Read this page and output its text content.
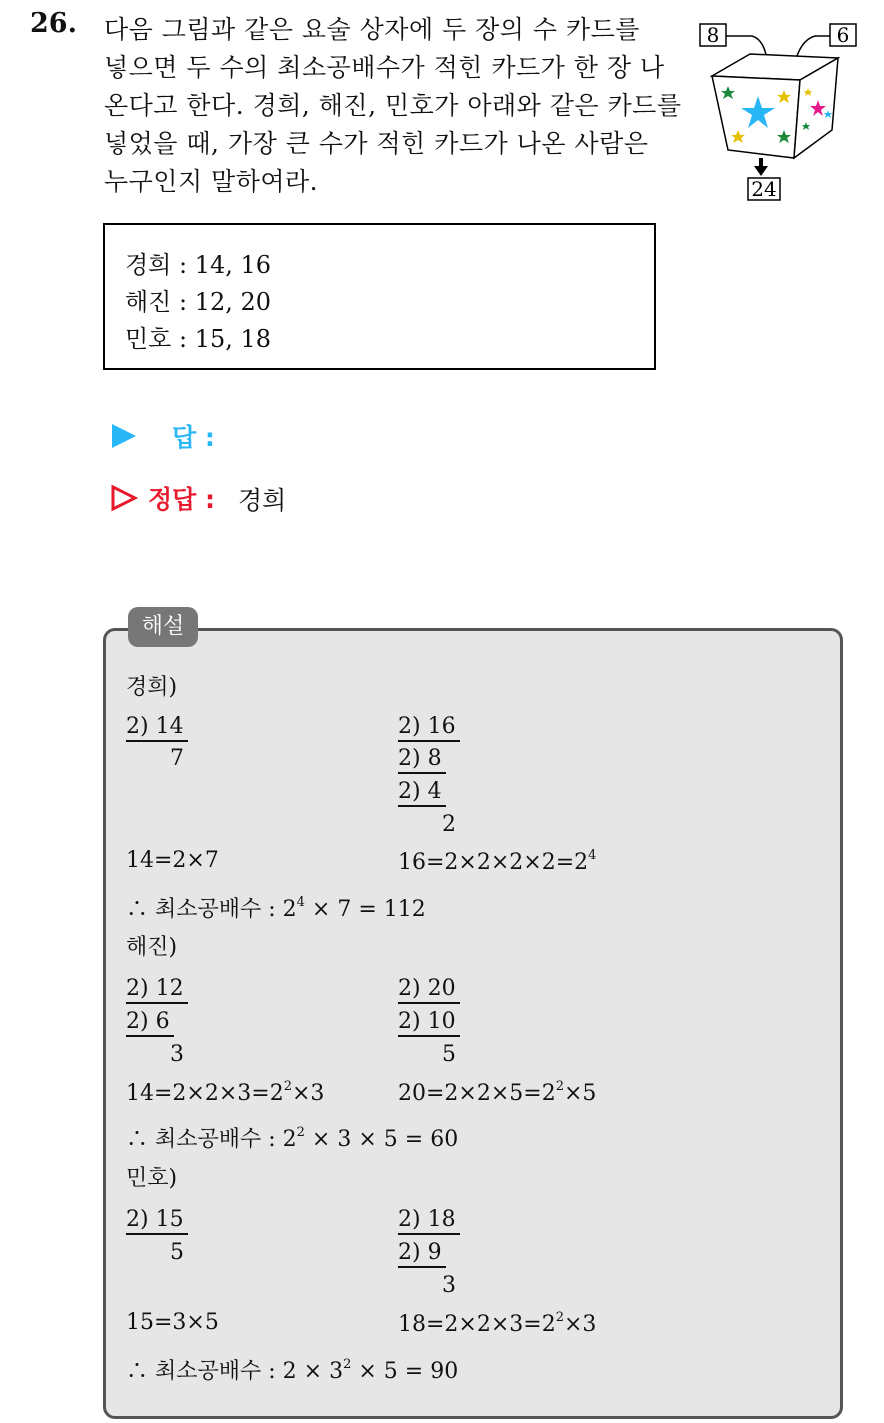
26. 다음 그림과 같은 요술 상자에 두 장의 수 카드를
넣으면 두 수의 최소공배수가 적힌 카드가 한 장 나
온다고 한다. 경희, 해진, 민호가 아래와 같은 카드를
넣었을 때, 가장 큰 수가 적힌 카드가 나온 사람은
누구인지 말하여라.
8	6
24
경희 : 14, 16
해진 : 12, 20
민호 : 15, 18
답 :
정답 : 경희
해설
경희)
2) 14
7
2) 16
2) 8
2) 4
2
14=2×7	$16=2\times 2\times 2\times 2=2^4$
∴ 최소공배수 : $2^4 \times 7 = 112$
해진)
2) 12
2) 6
3
2) 20
2) 10
5
$14=2\times 2\times 3=2^2\times 3$	$20=2\times 2\times 5=2^2\times 5$
∴ 최소공배수 : $2^2 \times 3 \times 5 = 60$
민호)
2) 15
5
2) 18
2) 9
3
15=3×5	$18=2\times 2\times 3=2^2\times 3$
∴ 최소공배수 : $2 \times 3^2 \times 5 = 90$
